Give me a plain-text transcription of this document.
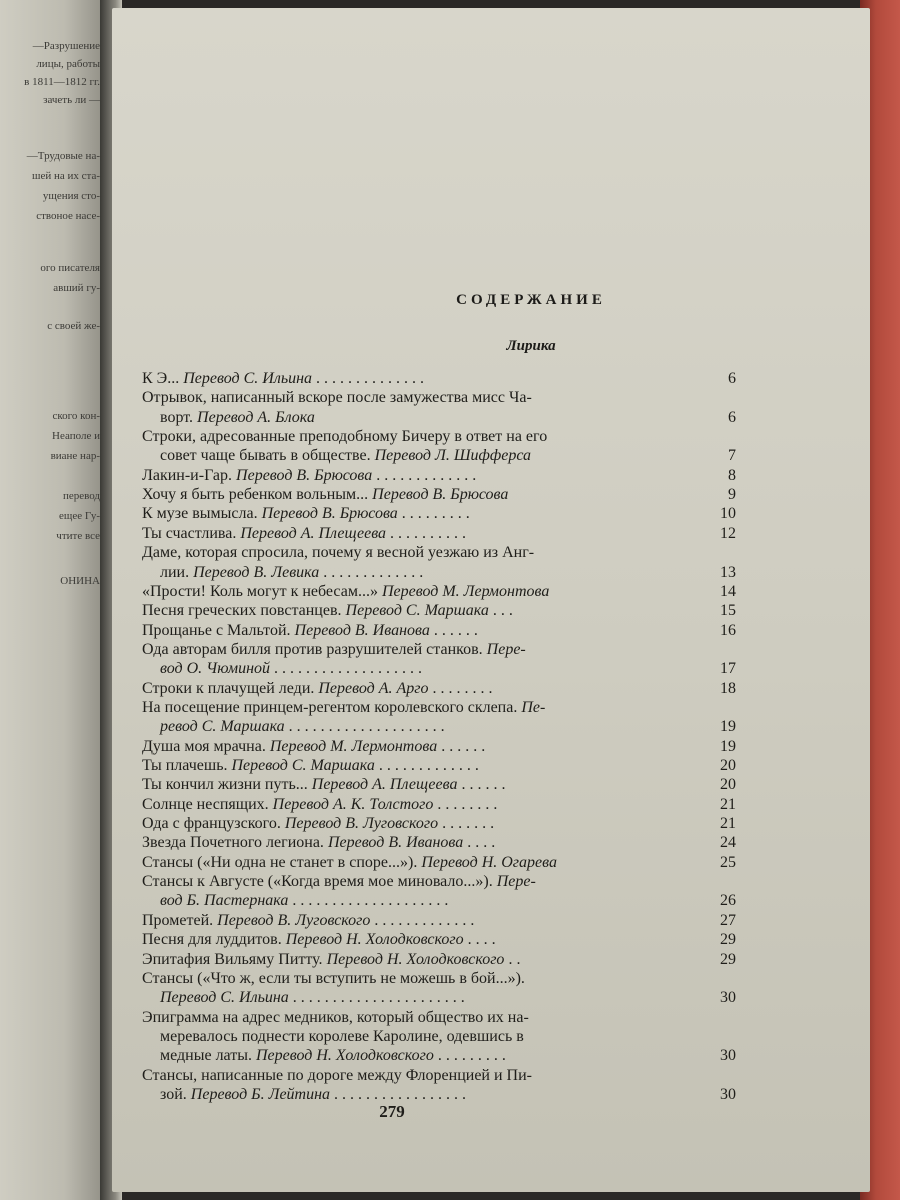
—Разрушение
лицы, работы
в 1811—1812 гг.
зачеть ли —
—Трудовые на-
шей на их ста-
ущения сто-
ствоное насе-
ого писателя
авший гу-
с своей же-
ского кон-
Неаполе и
виане нар-
перевод
ещее Гу-
чтите все
ОНИНА
СОДЕРЖАНИЕ
Лирика
К Э... Перевод С. Ильина . . . . . . . . . . . . . .	6
Отрывок, написанный вскоре после замужества мисс Ча-
ворт. Перевод А. Блока	6
Строки, адресованные преподобному Бичеру в ответ на его
совет чаще бывать в обществе. Перевод Л. Шифферса	7
Лакин-и-Гар. Перевод В. Брюсова . . . . . . . . . . . . .	8
Хочу я быть ребенком вольным... Перевод В. Брюсова	9
К музе вымысла. Перевод В. Брюсова . . . . . . . . .	10
Ты счастлива. Перевод А. Плещеева . . . . . . . . . .	12
Даме, которая спросила, почему я весной уезжаю из Анг-
лии. Перевод В. Левика . . . . . . . . . . . . .	13
«Прости! Коль могут к небесам...» Перевод М. Лермонтова	14
Песня греческих повстанцев. Перевод С. Маршака . . .	15
Прощанье с Мальтой. Перевод В. Иванова . . . . . .	16
Ода авторам билля против разрушителей станков. Пере-
вод О. Чюминой . . . . . . . . . . . . . . . . . . .	17
Строки к плачущей леди. Перевод А. Арго . . . . . . . .	18
На посещение принцем-регентом королевского склепа. Пе-
ревод С. Маршака . . . . . . . . . . . . . . . . . . . .	19
Душа моя мрачна. Перевод М. Лермонтова . . . . . .	19
Ты плачешь. Перевод С. Маршака . . . . . . . . . . . . .	20
Ты кончил жизни путь... Перевод А. Плещеева . . . . . .	20
Солнце неспящих. Перевод А. К. Толстого . . . . . . . .	21
Ода с французского. Перевод В. Луговского . . . . . . .	21
Звезда Почетного легиона. Перевод В. Иванова . . . .	24
Стансы («Ни одна не станет в споре...»). Перевод Н. Огарева	25
Стансы к Августе («Когда время мое миновало...»). Пере-
вод Б. Пастернака . . . . . . . . . . . . . . . . . . . .	26
Прометей. Перевод В. Луговского . . . . . . . . . . . . .	27
Песня для луддитов. Перевод Н. Холодковского . . . .	29
Эпитафия Вильяму Питту. Перевод Н. Холодковского . .	29
Стансы («Что ж, если ты вступить не можешь в бой...»).
Перевод С. Ильина . . . . . . . . . . . . . . . . . . . . . .	30
Эпиграмма на адрес медников, который общество их на-
меревалось поднести королеве Каролине, одевшись в
медные латы. Перевод Н. Холодковского . . . . . . . . .	30
Стансы, написанные по дороге между Флоренцией и Пи-
зой. Перевод Б. Лейтина . . . . . . . . . . . . . . . . .	30
279
